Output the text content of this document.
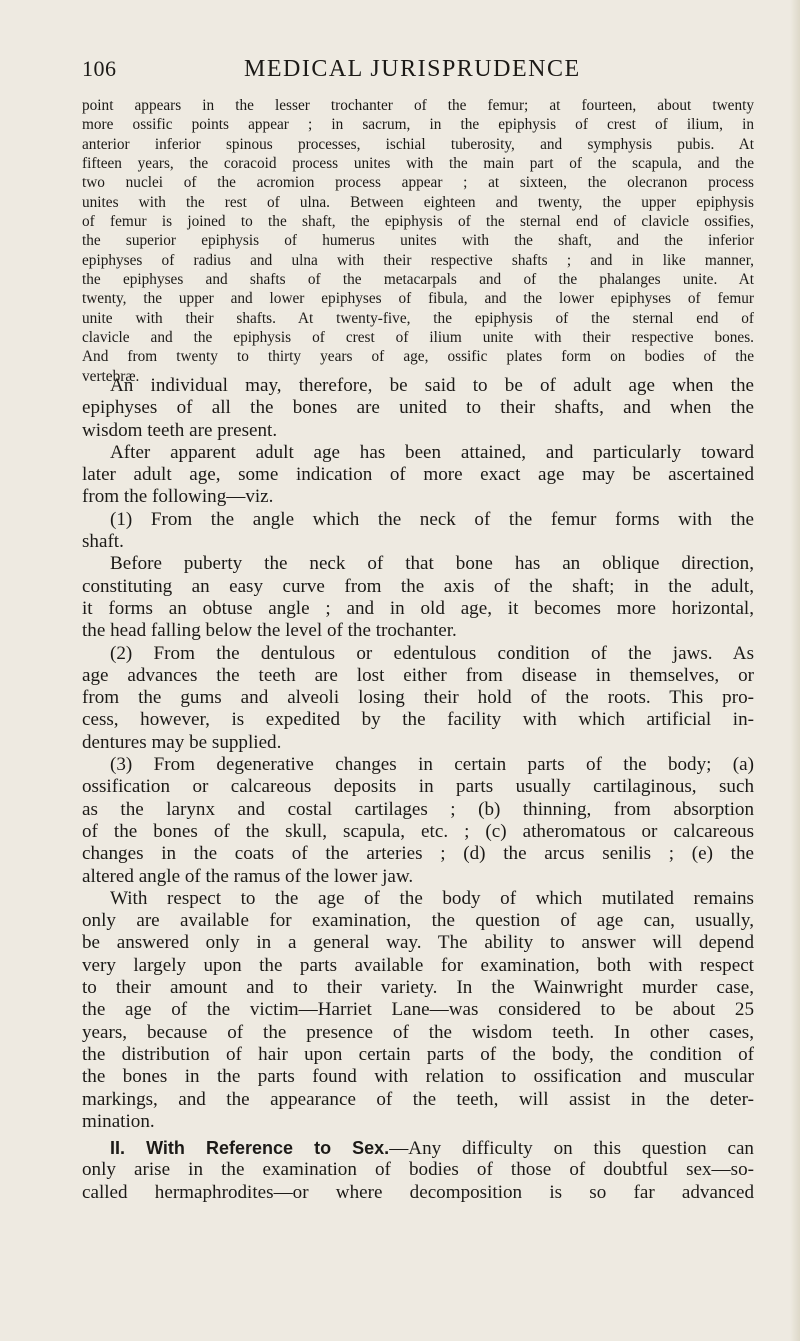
106	MEDICAL JURISPRUDENCE
point appears in the lesser trochanter of the femur; at fourteen, about twenty
more ossific points appear ; in sacrum, in the epiphysis of crest of ilium, in
anterior inferior spinous processes, ischial tuberosity, and symphysis pubis. At
fifteen years, the coracoid process unites with the main part of the scapula, and the
two nuclei of the acromion process appear ; at sixteen, the olecranon process
unites with the rest of ulna. Between eighteen and twenty, the upper epiphysis
of femur is joined to the shaft, the epiphysis of the sternal end of clavicle ossifies,
the superior epiphysis of humerus unites with the shaft, and the inferior
epiphyses of radius and ulna with their respective shafts ; and in like manner,
the epiphyses and shafts of the metacarpals and of the phalanges unite. At
twenty, the upper and lower epiphyses of fibula, and the lower epiphyses of femur
unite with their shafts. At twenty-five, the epiphysis of the sternal end of
clavicle and the epiphysis of crest of ilium unite with their respective bones.
And from twenty to thirty years of age, ossific plates form on bodies of the
vertebræ.
An individual may, therefore, be said to be of adult age when the
epiphyses of all the bones are united to their shafts, and when the
wisdom teeth are present.
After apparent adult age has been attained, and particularly toward
later adult age, some indication of more exact age may be ascertained
from the following—viz.
(1) From the angle which the neck of the femur forms with the
shaft.
Before puberty the neck of that bone has an oblique direction,
constituting an easy curve from the axis of the shaft; in the adult,
it forms an obtuse angle ; and in old age, it becomes more horizontal,
the head falling below the level of the trochanter.
(2) From the dentulous or edentulous condition of the jaws. As
age advances the teeth are lost either from disease in themselves, or
from the gums and alveoli losing their hold of the roots. This pro-
cess, however, is expedited by the facility with which artificial in-
dentures may be supplied.
(3) From degenerative changes in certain parts of the body; (a)
ossification or calcareous deposits in parts usually cartilaginous, such
as the larynx and costal cartilages ; (b) thinning, from absorption
of the bones of the skull, scapula, etc. ; (c) atheromatous or calcareous
changes in the coats of the arteries ; (d) the arcus senilis ; (e) the
altered angle of the ramus of the lower jaw.
With respect to the age of the body of which mutilated remains
only are available for examination, the question of age can, usually,
be answered only in a general way. The ability to answer will depend
very largely upon the parts available for examination, both with respect
to their amount and to their variety. In the Wainwright murder case,
the age of the victim—Harriet Lane—was considered to be about 25
years, because of the presence of the wisdom teeth. In other cases,
the distribution of hair upon certain parts of the body, the condition of
the bones in the parts found with relation to ossification and muscular
markings, and the appearance of the teeth, will assist in the deter-
mination.
II. With Reference to Sex.—Any difficulty on this question can
only arise in the examination of bodies of those of doubtful sex—so-
called hermaphrodites—or where decomposition is so far advanced
